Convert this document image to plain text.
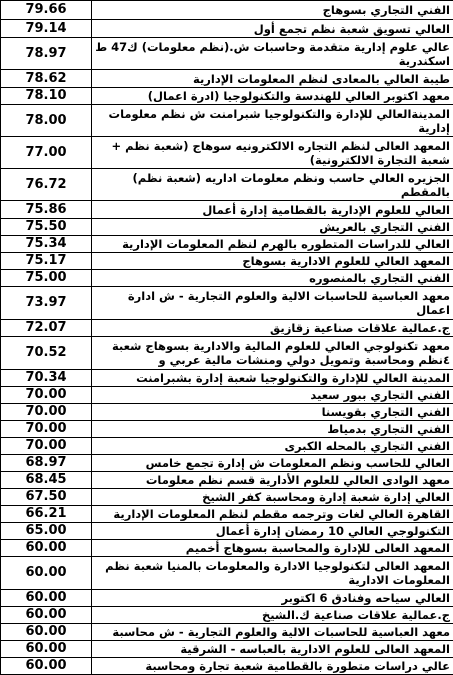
79.66	الفني التجاري بسوهاج
79.14	العالي تسويق شعبة نظم تجمع أول
78.97	عالي علوم إدارية متقدمة وحاسبات ش.(نظم معلومات) ك47 ط اسكندرية
78.62	طيبة العالي بالمعادى لنظم المعلومات الإدارية
78.10	معهد اكتوبر العالي للهندسة والتكنولوجيا (ادرة اعمال)
78.00	المدينةالعالي للإدارة والتكنولوجيا شبرامنت ش نظم معلومات إدارية
77.00	المعهد العالى لنظم التجاره الالكترونيه سوهاج (شعبة نظم + شعبة التجارة الالكترونية)
76.72	الجزيره العالي حاسب ونظم معلومات اداريه (شعبة نظم) بالمقطم
75.86	العالي للعلوم الإدارية بالقطامية إدارة أعمال
75.50	الفني التجاري بالعريش
75.34	العالي للدراسات المتطوره بالهرم لنظم المعلومات الإدارية
75.17	المعهد العالي للعلوم الادارية بسوهاج
75.00	الفني التجاري بالمنصوره
73.97	معهد العباسية للحاسبات الالية والعلوم التجارية - ش ادارة اعمال
72.07	ج.عمالية علاقات صناعية زقازيق
70.52	معهد تكنولوجي العالي للعلوم المالية والادارية بسوهاج شعبة ٤نظم ومحاسبة وتمويل دولي ومنشات مالية عربي و
70.34	المدينة العالي للإدارة والتكنولوجيا شعبة إدارة بشبرامنت
70.00	الفني التجاري ببور سعيد
70.00	الفني التجاري بقويسنا
70.00	الفني التجاري بدمياط
70.00	الفني التجاري بالمحله الكبرى
68.97	العالي للحاسب ونظم المعلومات ش إدارة تجمع خامس
68.45	معهد الوادى العالي للعلوم الأدارية قسم نظم معلومات
67.50	العالي إدارة شعبة إدارة ومحاسبة كفر الشيخ
66.21	القاهرة العالي لغات وترجمه مقطم لنظم المعلومات الإدارية
65.00	التكنولوجي العالي 10 رمضان إدارة أعمال
60.00	المعهد العالى للإدارة والمحاسبة بسوهاج أخميم
60.00	المعهد العالى لتكنولوجيا الادارة والمعلومات بالمنيا شعبة نظم المعلومات الادارية
60.00	العالي سياحه وفنادق 6 اكتوبر
60.00	ج.عمالية علاقات صناعية ك.الشيخ
60.00	معهد العباسية للحاسبات الالية والعلوم التجارية - ش محاسبة
60.00	المعهد العالى للعلوم الادارية بالعباسه - الشرقية
60.00	عالي دراسات متطورة بالقطامية شعبة تجارة ومحاسبة
